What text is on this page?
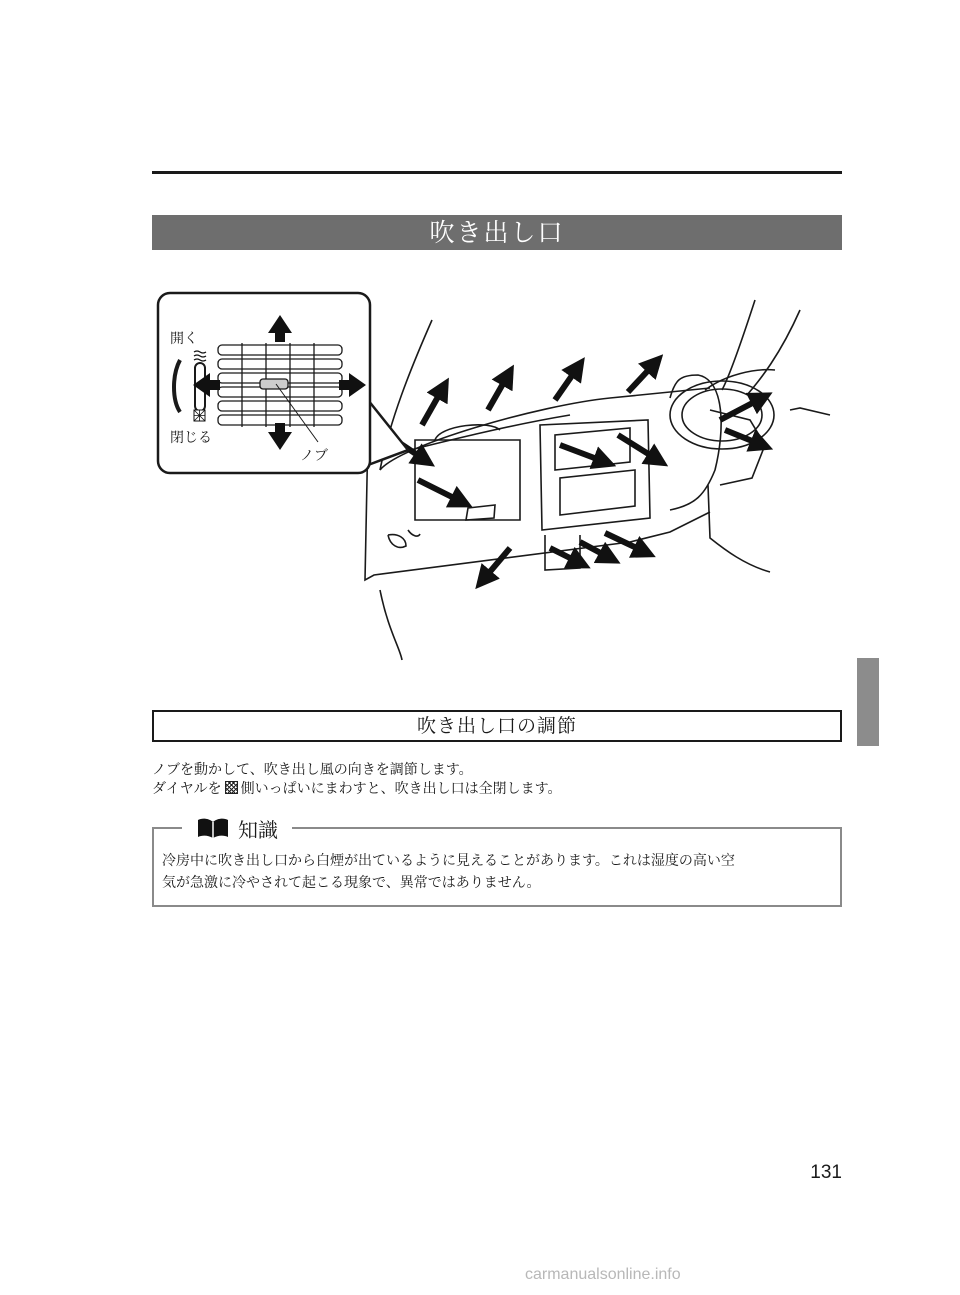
吹き出し口
開く
閉じる
ノブ
吹き出し口の調節
ノブを動かして、吹き出し風の向きを調節します。
ダイヤルを 側いっぱいにまわすと、吹き出し口は全閉します。
知識
冷房中に吹き出し口から白煙が出ているように見えることがあります。これは湿度の高い空
気が急激に冷やされて起こる現象で、異常ではありません。
131
carmanualsonline.info
